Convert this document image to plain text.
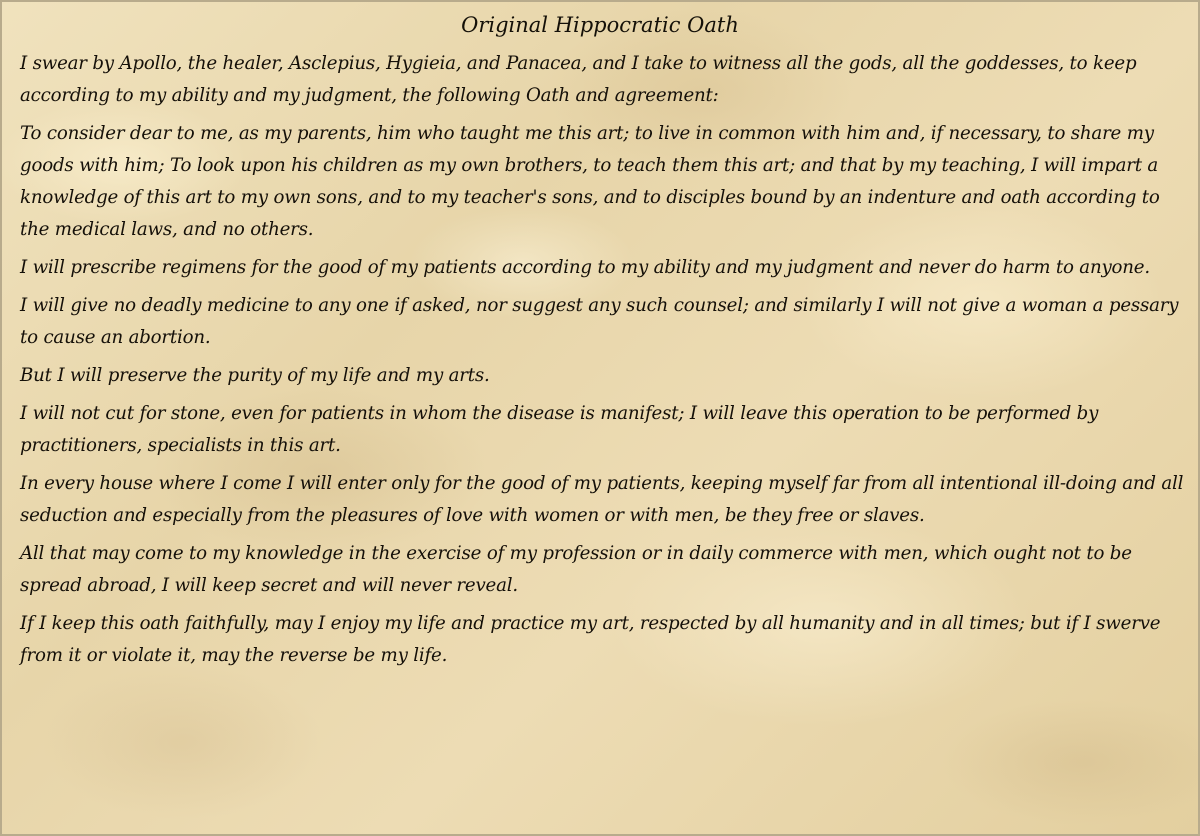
Original Hippocratic Oath

I swear by Apollo, the healer, Asclepius, Hygieia, and Panacea, and I take to witness all the gods, all the goddesses, to keep according to my ability and my judgment, the following Oath and agreement:

To consider dear to me, as my parents, him who taught me this art; to live in common with him and, if necessary, to share my goods with him; To look upon his children as my own brothers, to teach them this art; and that by my teaching, I will impart a knowledge of this art to my own sons, and to my teacher's sons, and to disciples bound by an indenture and oath according to the medical laws, and no others.

I will prescribe regimens for the good of my patients according to my ability and my judgment and never do harm to anyone.

I will give no deadly medicine to any one if asked, nor suggest any such counsel; and similarly I will not give a woman a pessary to cause an abortion.

But I will preserve the purity of my life and my arts.

I will not cut for stone, even for patients in whom the disease is manifest; I will leave this operation to be performed by practitioners, specialists in this art.

In every house where I come I will enter only for the good of my patients, keeping myself far from all intentional ill-doing and all seduction and especially from the pleasures of love with women or with men, be they free or slaves.

All that may come to my knowledge in the exercise of my profession or in daily commerce with men, which ought not to be spread abroad, I will keep secret and will never reveal.

If I keep this oath faithfully, may I enjoy my life and practice my art, respected by all humanity and in all times; but if I swerve from it or violate it, may the reverse be my life.
